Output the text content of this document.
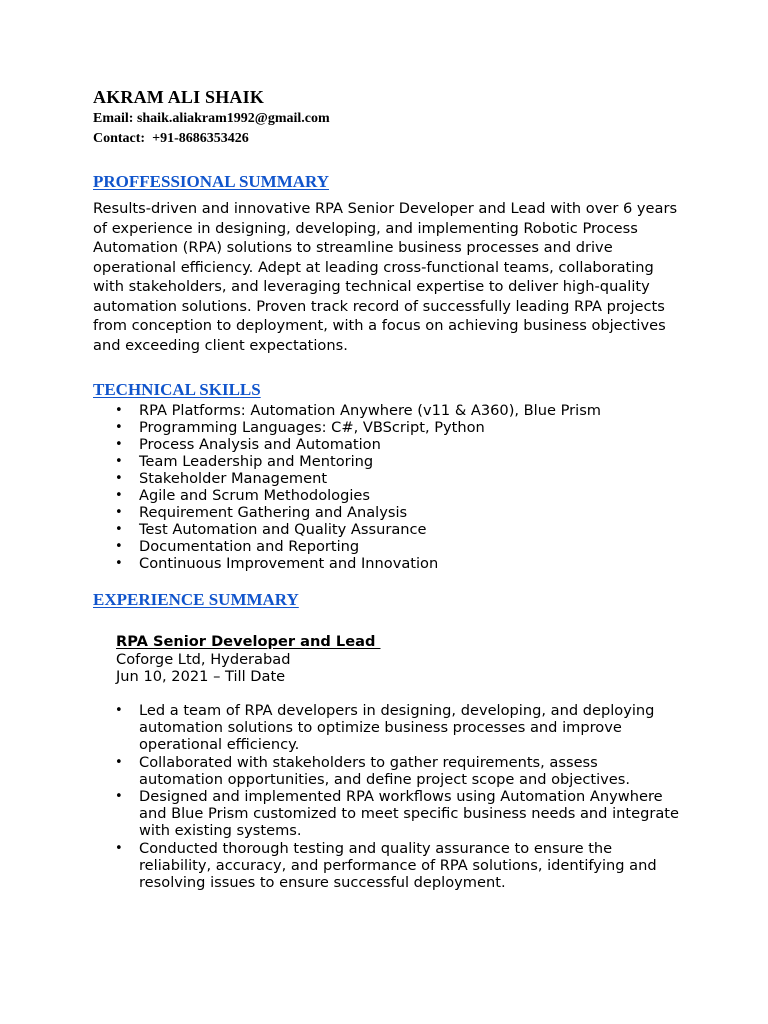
AKRAM ALI SHAIK

Email: shaik.aliakram1992@gmail.com

Contact:  +91-8686353426

PROFFESSIONAL SUMMARY

Results-driven and innovative RPA Senior Developer and Lead with over 6 years of experience in designing, developing, and implementing Robotic Process Automation (RPA) solutions to streamline business processes and drive operational efficiency. Adept at leading cross-functional teams, collaborating with stakeholders, and leveraging technical expertise to deliver high-quality automation solutions. Proven track record of successfully leading RPA projects from conception to deployment, with a focus on achieving business objectives and exceeding client expectations.

TECHNICAL SKILLS
• RPA Platforms: Automation Anywhere (v11 & A360), Blue Prism
• Programming Languages: C#, VBScript, Python
• Process Analysis and Automation
• Team Leadership and Mentoring
• Stakeholder Management
• Agile and Scrum Methodologies
• Requirement Gathering and Analysis
• Test Automation and Quality Assurance
• Documentation and Reporting
• Continuous Improvement and Innovation
EXPERIENCE SUMMARY

RPA Senior Developer and Lead

Coforge Ltd, Hyderabad

Jun 10, 2021 – Till Date

• Led a team of RPA developers in designing, developing, and deploying automation solutions to optimize business processes and improve operational efficiency.
• Collaborated with stakeholders to gather requirements, assess automation opportunities, and define project scope and objectives.
• Designed and implemented RPA workflows using Automation Anywhere and Blue Prism customized to meet specific business needs and integrate with existing systems.
• Conducted thorough testing and quality assurance to ensure the reliability, accuracy, and performance of RPA solutions, identifying and resolving issues to ensure successful deployment.
